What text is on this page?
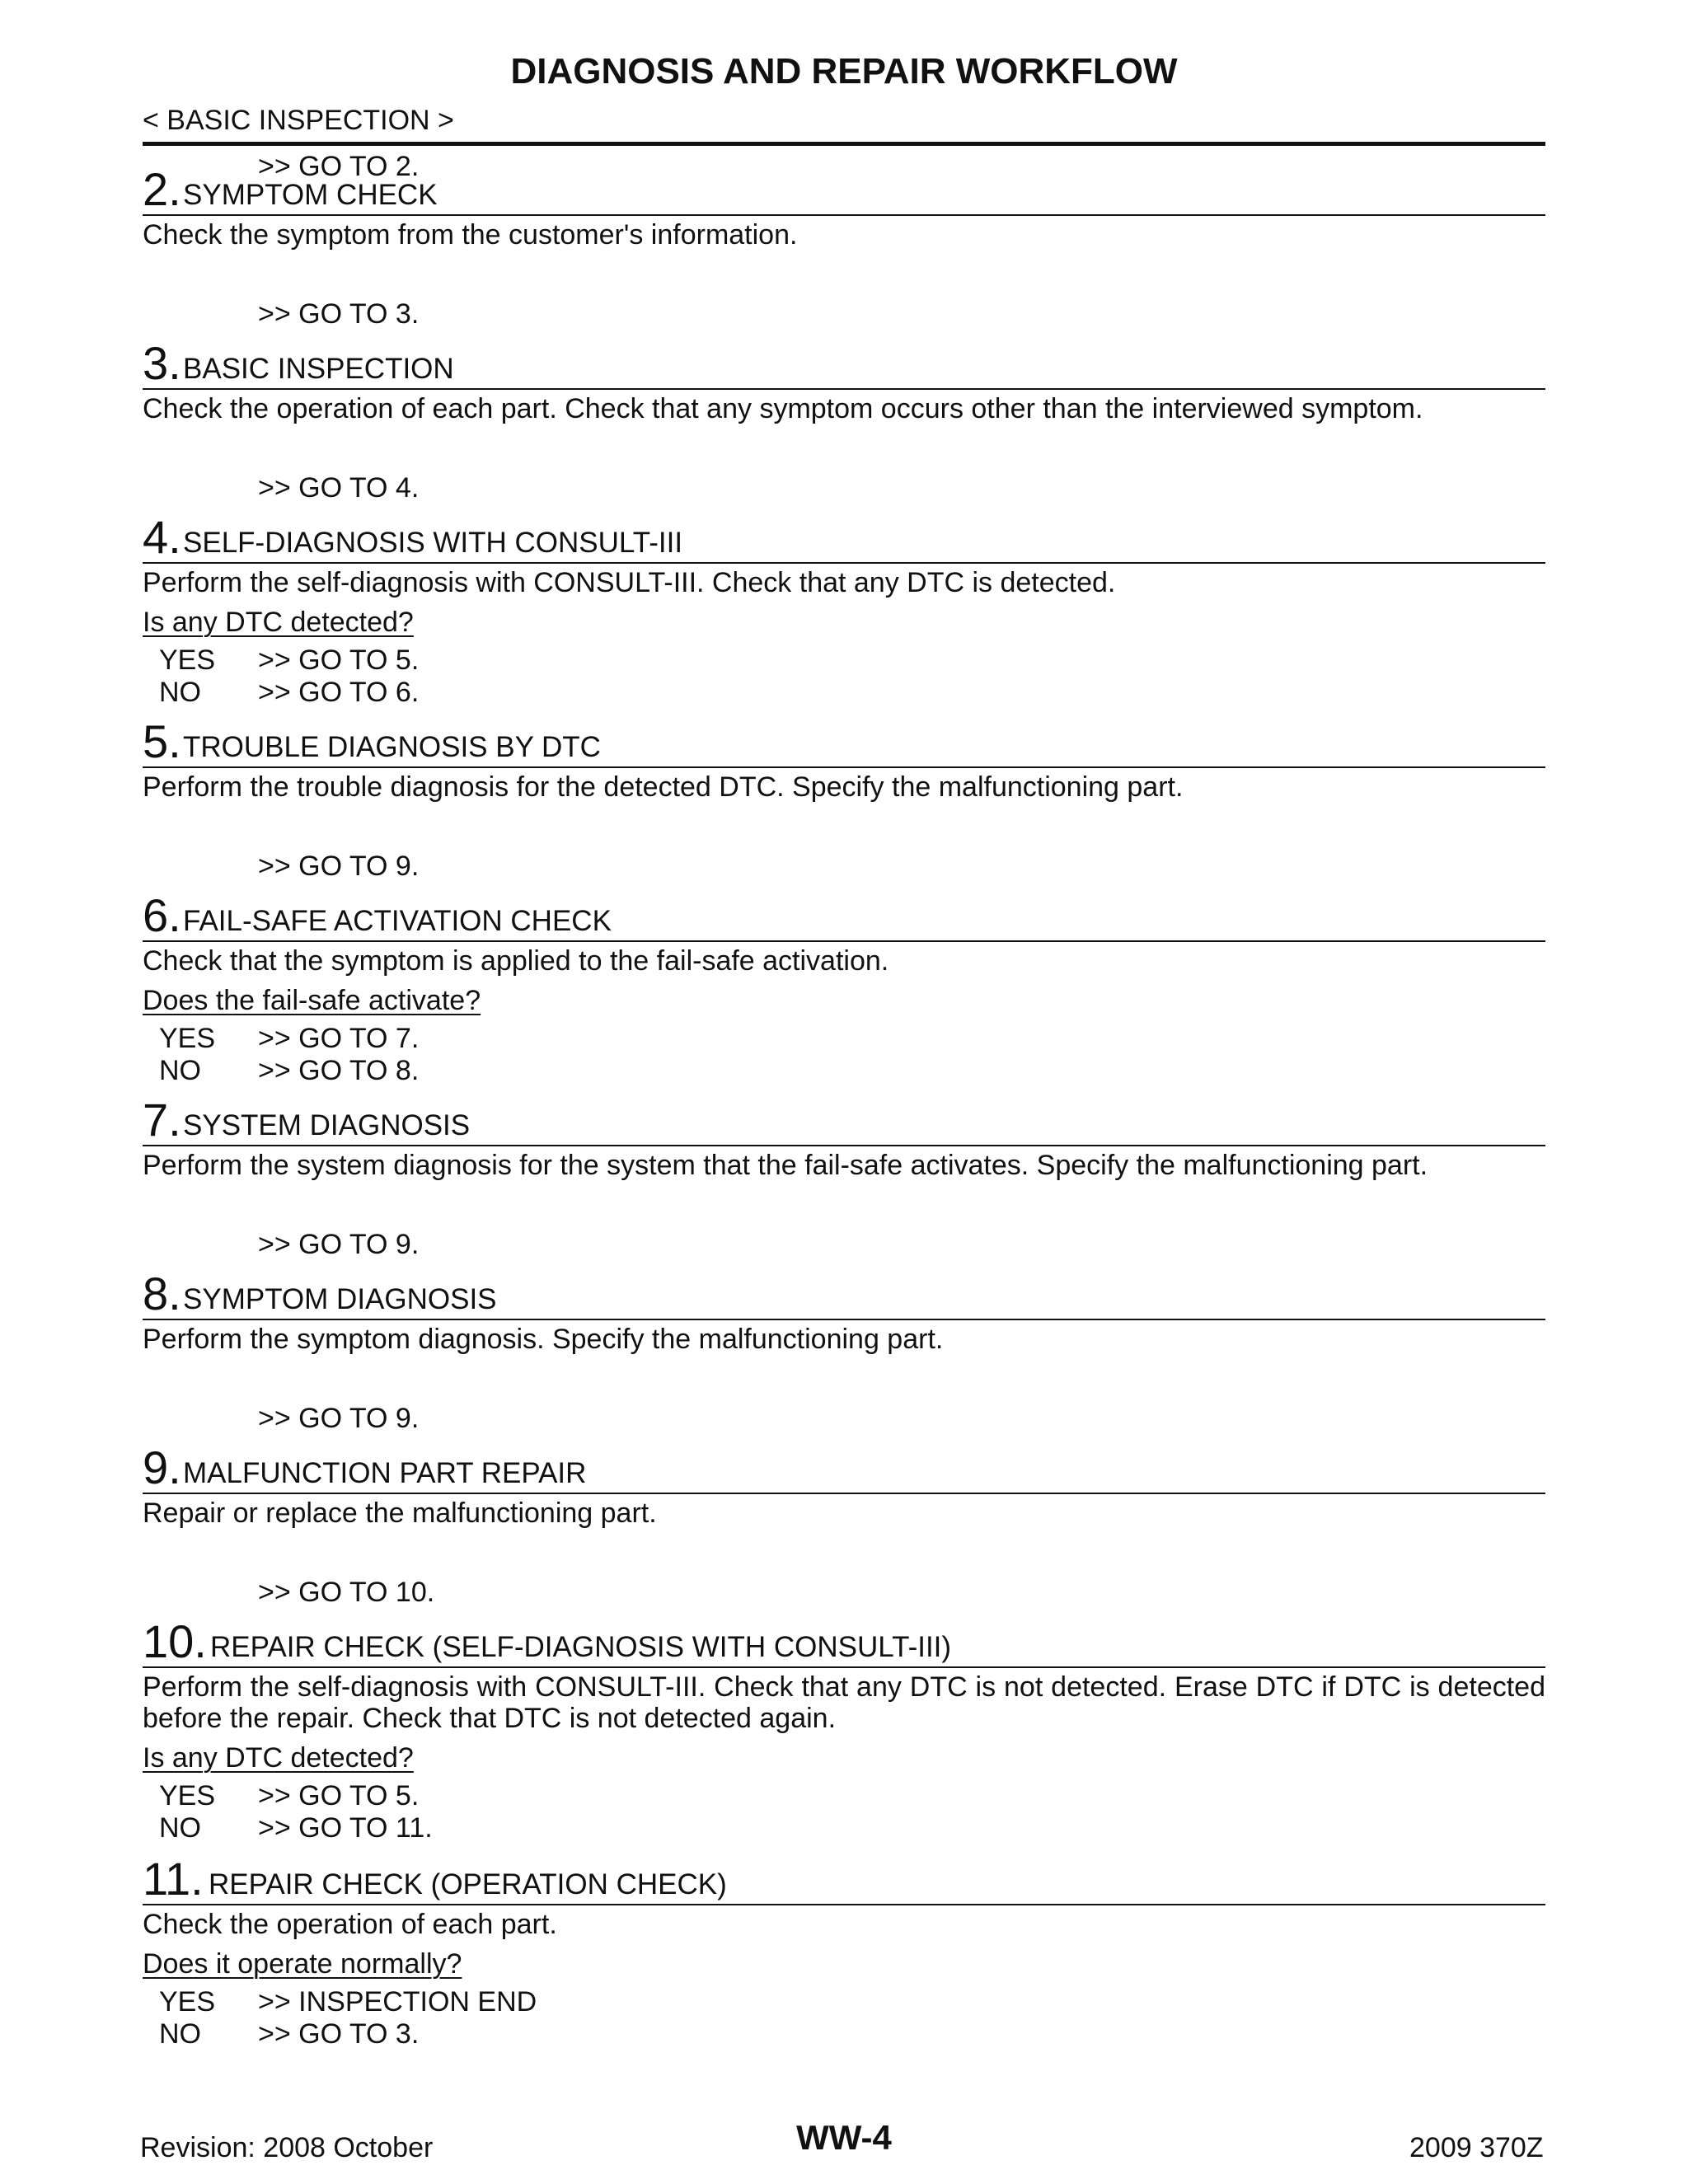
DIAGNOSIS AND REPAIR WORKFLOW
< BASIC INSPECTION >
>> GO TO 2.
2. SYMPTOM CHECK
Check the symptom from the customer's information.
>> GO TO 3.
3. BASIC INSPECTION
Check the operation of each part. Check that any symptom occurs other than the interviewed symptom.
>> GO TO 4.
4. SELF-DIAGNOSIS WITH CONSULT-III
Perform the self-diagnosis with CONSULT-III. Check that any DTC is detected.
Is any DTC detected?
YES >> GO TO 5.
NO >> GO TO 6.
5. TROUBLE DIAGNOSIS BY DTC
Perform the trouble diagnosis for the detected DTC. Specify the malfunctioning part.
>> GO TO 9.
6. FAIL-SAFE ACTIVATION CHECK
Check that the symptom is applied to the fail-safe activation.
Does the fail-safe activate?
YES >> GO TO 7.
NO >> GO TO 8.
7. SYSTEM DIAGNOSIS
Perform the system diagnosis for the system that the fail-safe activates. Specify the malfunctioning part.
>> GO TO 9.
8. SYMPTOM DIAGNOSIS
Perform the symptom diagnosis. Specify the malfunctioning part.
>> GO TO 9.
9. MALFUNCTION PART REPAIR
Repair or replace the malfunctioning part.
>> GO TO 10.
10. REPAIR CHECK (SELF-DIAGNOSIS WITH CONSULT-III)
Perform the self-diagnosis with CONSULT-III. Check that any DTC is not detected. Erase DTC if DTC is detected before the repair. Check that DTC is not detected again.
Is any DTC detected?
YES >> GO TO 5.
NO >> GO TO 11.
11. REPAIR CHECK (OPERATION CHECK)
Check the operation of each part.
Does it operate normally?
YES >> INSPECTION END
NO >> GO TO 3.
Revision: 2008 October	WW-4	2009 370Z
